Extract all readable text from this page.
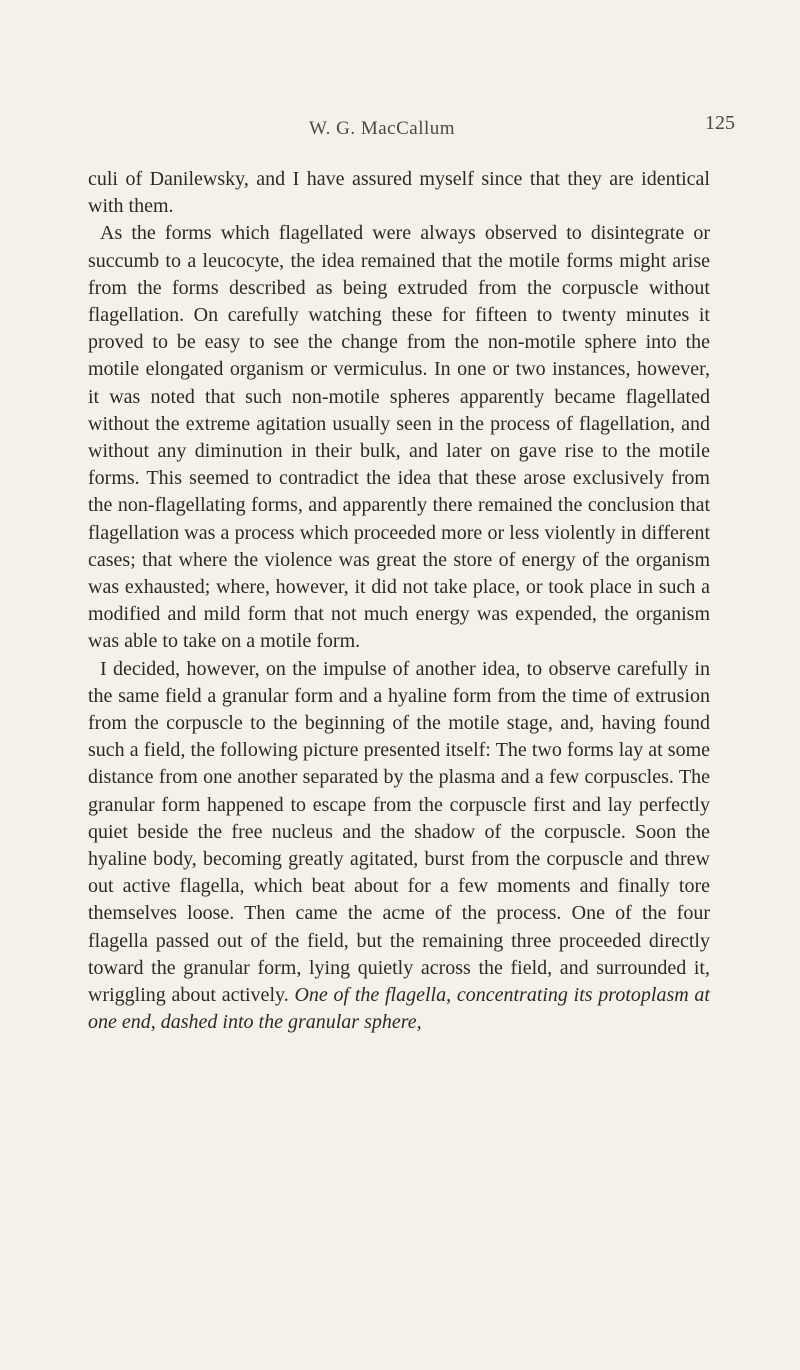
W. G. MacCallum	125

culi of Danilewsky, and I have assured myself since that they are identical with them.

As the forms which flagellated were always observed to disintegrate or succumb to a leucocyte, the idea remained that the motile forms might arise from the forms described as being extruded from the corpuscle without flagellation. On carefully watching these for fifteen to twenty minutes it proved to be easy to see the change from the non-motile sphere into the motile elongated organism or vermiculus. In one or two instances, however, it was noted that such non-motile spheres apparently became flagellated without the extreme agitation usually seen in the process of flagellation, and without any diminution in their bulk, and later on gave rise to the motile forms. This seemed to contradict the idea that these arose exclusively from the non-flagellating forms, and apparently there remained the conclusion that flagellation was a process which proceeded more or less violently in different cases; that where the violence was great the store of energy of the organism was exhausted; where, however, it did not take place, or took place in such a modified and mild form that not much energy was expended, the organism was able to take on a motile form.

I decided, however, on the impulse of another idea, to observe carefully in the same field a granular form and a hyaline form from the time of extrusion from the corpuscle to the beginning of the motile stage, and, having found such a field, the following picture presented itself: The two forms lay at some distance from one another separated by the plasma and a few corpuscles. The granular form happened to escape from the corpuscle first and lay perfectly quiet beside the free nucleus and the shadow of the corpuscle. Soon the hyaline body, becoming greatly agitated, burst from the corpuscle and threw out active flagella, which beat about for a few moments and finally tore themselves loose. Then came the acme of the process. One of the four flagella passed out of the field, but the remaining three proceeded directly toward the granular form, lying quietly across the field, and surrounded it, wriggling about actively. One of the flagella, concentrating its protoplasm at one end, dashed into the granular sphere,
